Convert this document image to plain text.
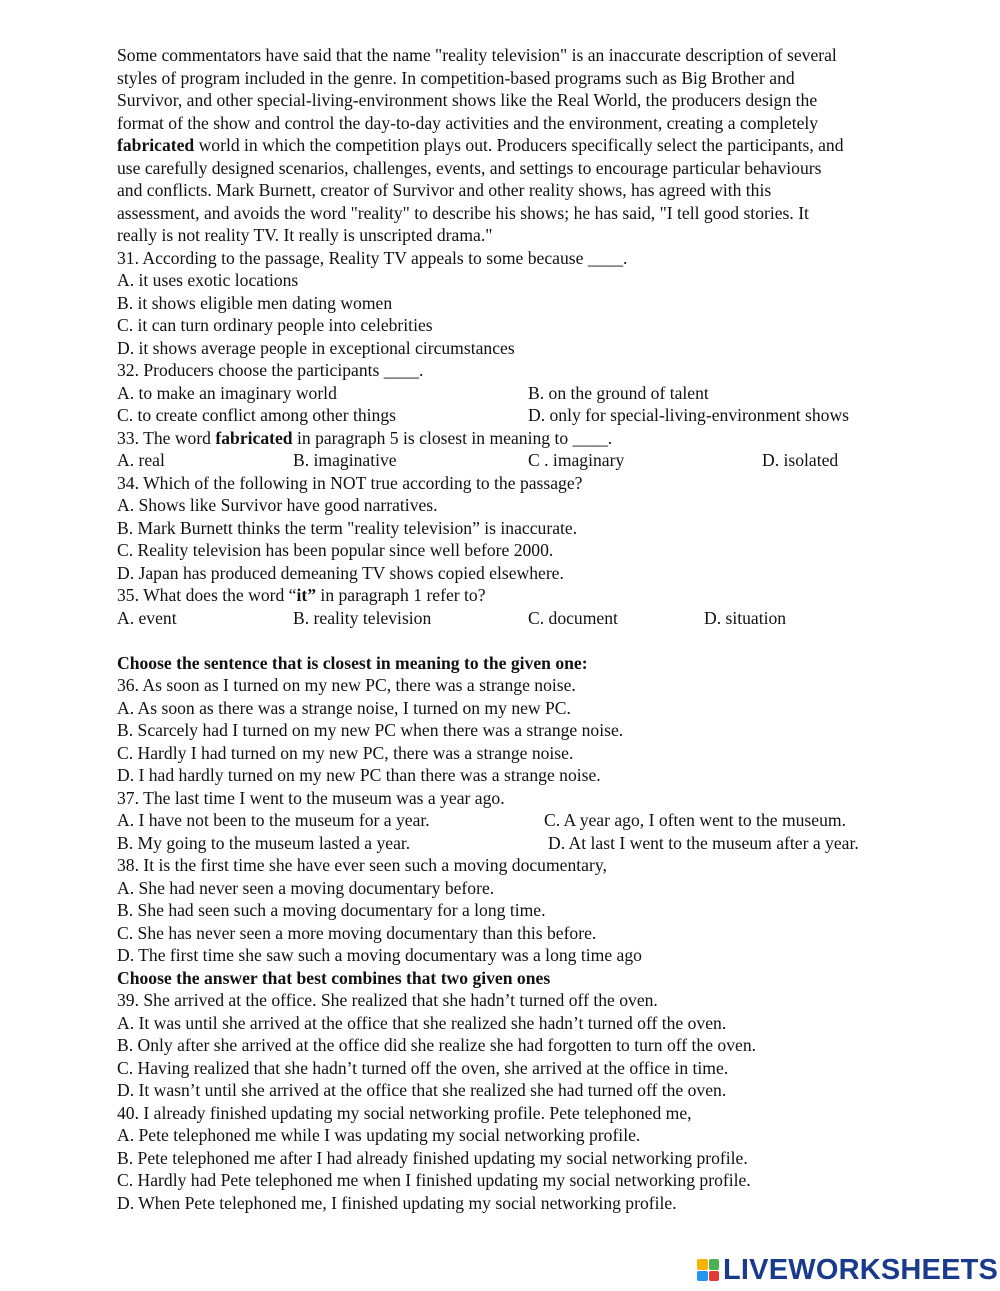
Some commentators have said that the name "reality television" is an inaccurate description of several
styles of program included in the genre. In competition-based programs such as Big Brother and
Survivor, and other special-living-environment shows like the Real World, the producers design the
format of the show and control the day-to-day activities and the environment, creating a completely
fabricated world in which the competition plays out. Producers specifically select the participants, and
use carefully designed scenarios, challenges, events, and settings to encourage particular behaviours
and conflicts. Mark Burnett, creator of Survivor and other reality shows, has agreed with this
assessment, and avoids the word "reality" to describe his shows; he has said, "I tell good stories. It
really is not reality TV. It really is unscripted drama."
31. According to the passage, Reality TV appeals to some because ____.
A. it uses exotic locations
B. it shows eligible men dating women
C. it can turn ordinary people into celebrities
D. it shows average people in exceptional circumstances
32. Producers choose the participants ____.
A. to make an imaginary world	B. on the ground of talent
C. to create conflict among other things	D. only for special-living-environment shows
33. The word fabricated in paragraph 5 is closest in meaning to ____.
A. real	B. imaginative	C . imaginary	D. isolated
34. Which of the following in NOT true according to the passage?
A. Shows like Survivor have good narratives.
B. Mark Burnett thinks the term "reality television” is inaccurate.
C. Reality television has been popular since well before 2000.
D. Japan has produced demeaning TV shows copied elsewhere.
35. What does the word “it” in paragraph 1 refer to?
A. event	B. reality television	C. document	D. situation
Choose the sentence that is closest in meaning to the given one:
36. As soon as I turned on my new PC, there was a strange noise.
A. As soon as there was a strange noise, I turned on my new PC.
B. Scarcely had I turned on my new PC when there was a strange noise.
C. Hardly I had turned on my new PC, there was a strange noise.
D. I had hardly turned on my new PC than there was a strange noise.
37. The last time I went to the museum was a year ago.
A. I have not been to the museum for a year.	C. A year ago, I often went to the museum.
B. My going to the museum lasted a year.	D. At last I went to the museum after a year.
38. It is the first time she have ever seen such a moving documentary,
A. She had never seen a moving documentary before.
B. She had seen such a moving documentary for a long time.
C. She has never seen a more moving documentary than this before.
D. The first time she saw such a moving documentary was a long time ago
Choose the answer that best combines that two given ones
39. She arrived at the office. She realized that she hadn’t turned off the oven.
A. It was until she arrived at the office that she realized she hadn’t turned off the oven.
B. Only after she arrived at the office did she realize she had forgotten to turn off the oven.
C. Having realized that she hadn’t turned off the oven, she arrived at the office in time.
D. It wasn’t until she arrived at the office that she realized she had turned off the oven.
40. I already finished updating my social networking profile. Pete telephoned me,
A. Pete telephoned me while I was updating my social networking profile.
B. Pete telephoned me after I had already finished updating my social networking profile.
C. Hardly had Pete telephoned me when I finished updating my social networking profile.
D. When Pete telephoned me, I finished updating my social networking profile.
LIVEWORKSHEETS
